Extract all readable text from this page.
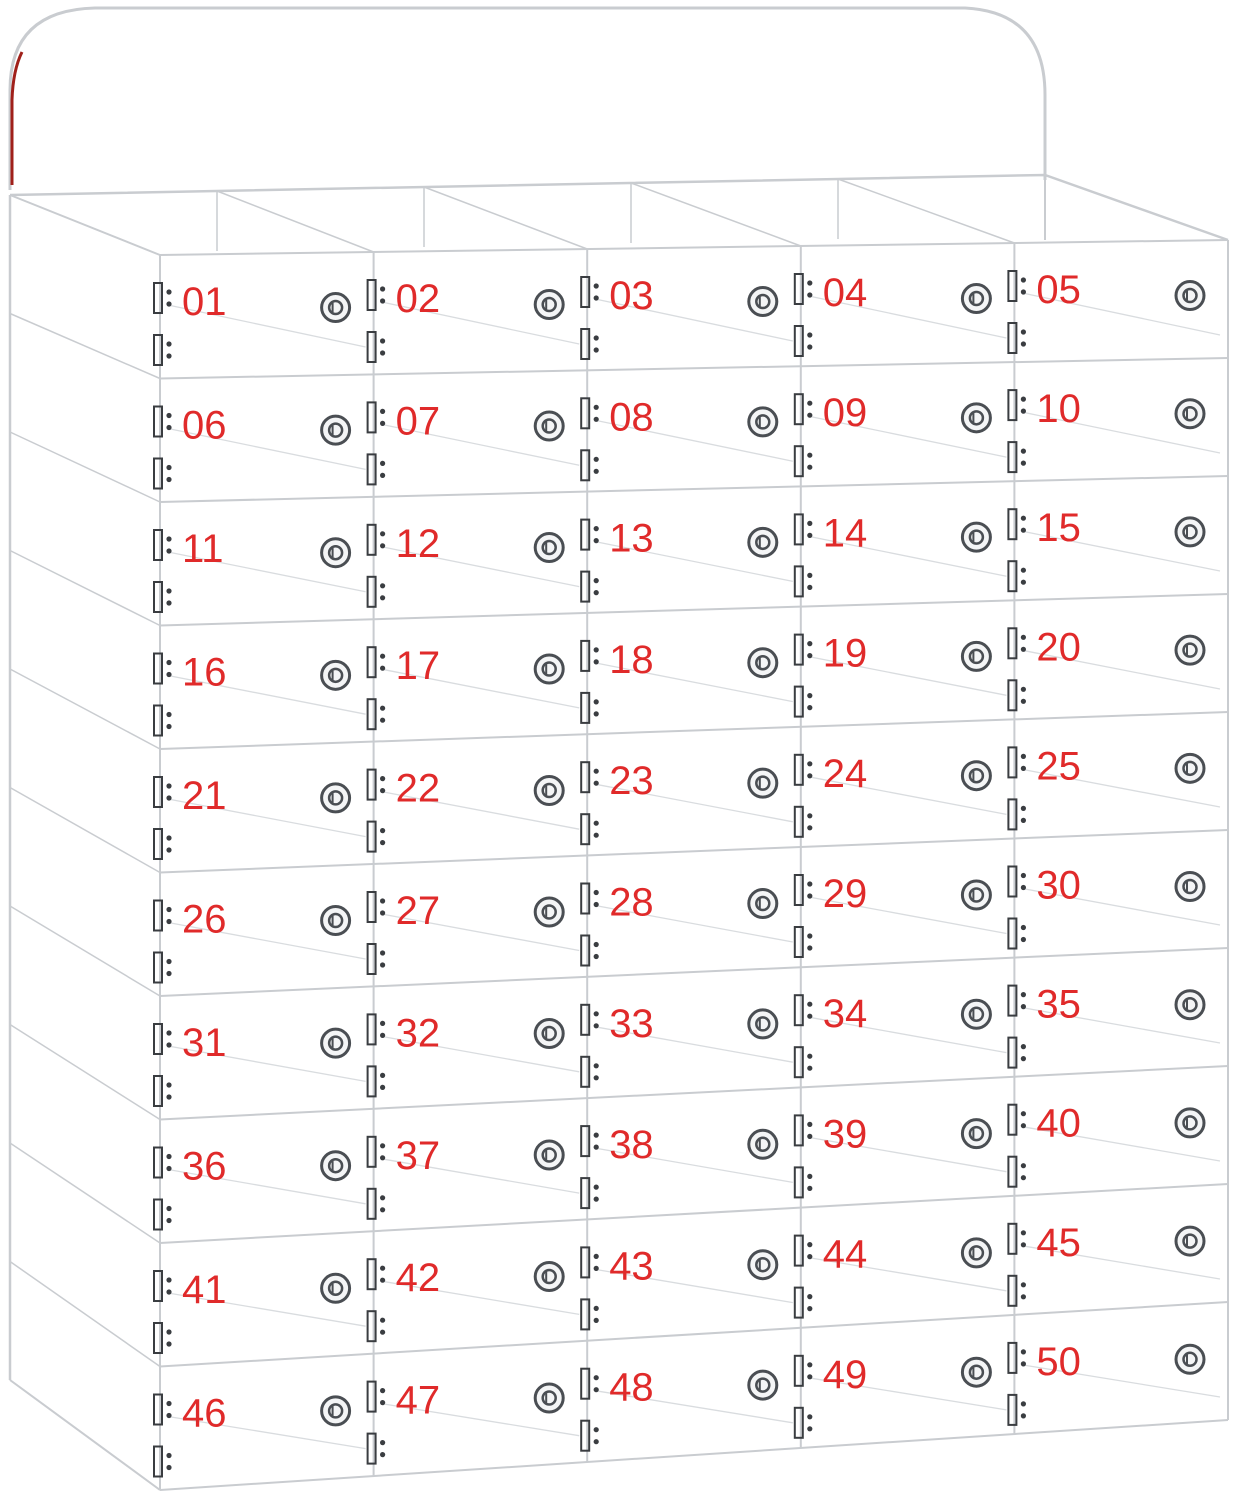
01	02	03	04	05
06	07	08	09	10
11	12	13	14	15
16	17	18	19	20
21	22	23	24	25
26	27	28	29	30
31	32	33	34	35
36	37	38	39	40
41	42	43	44	45
46	47	48	49	50
